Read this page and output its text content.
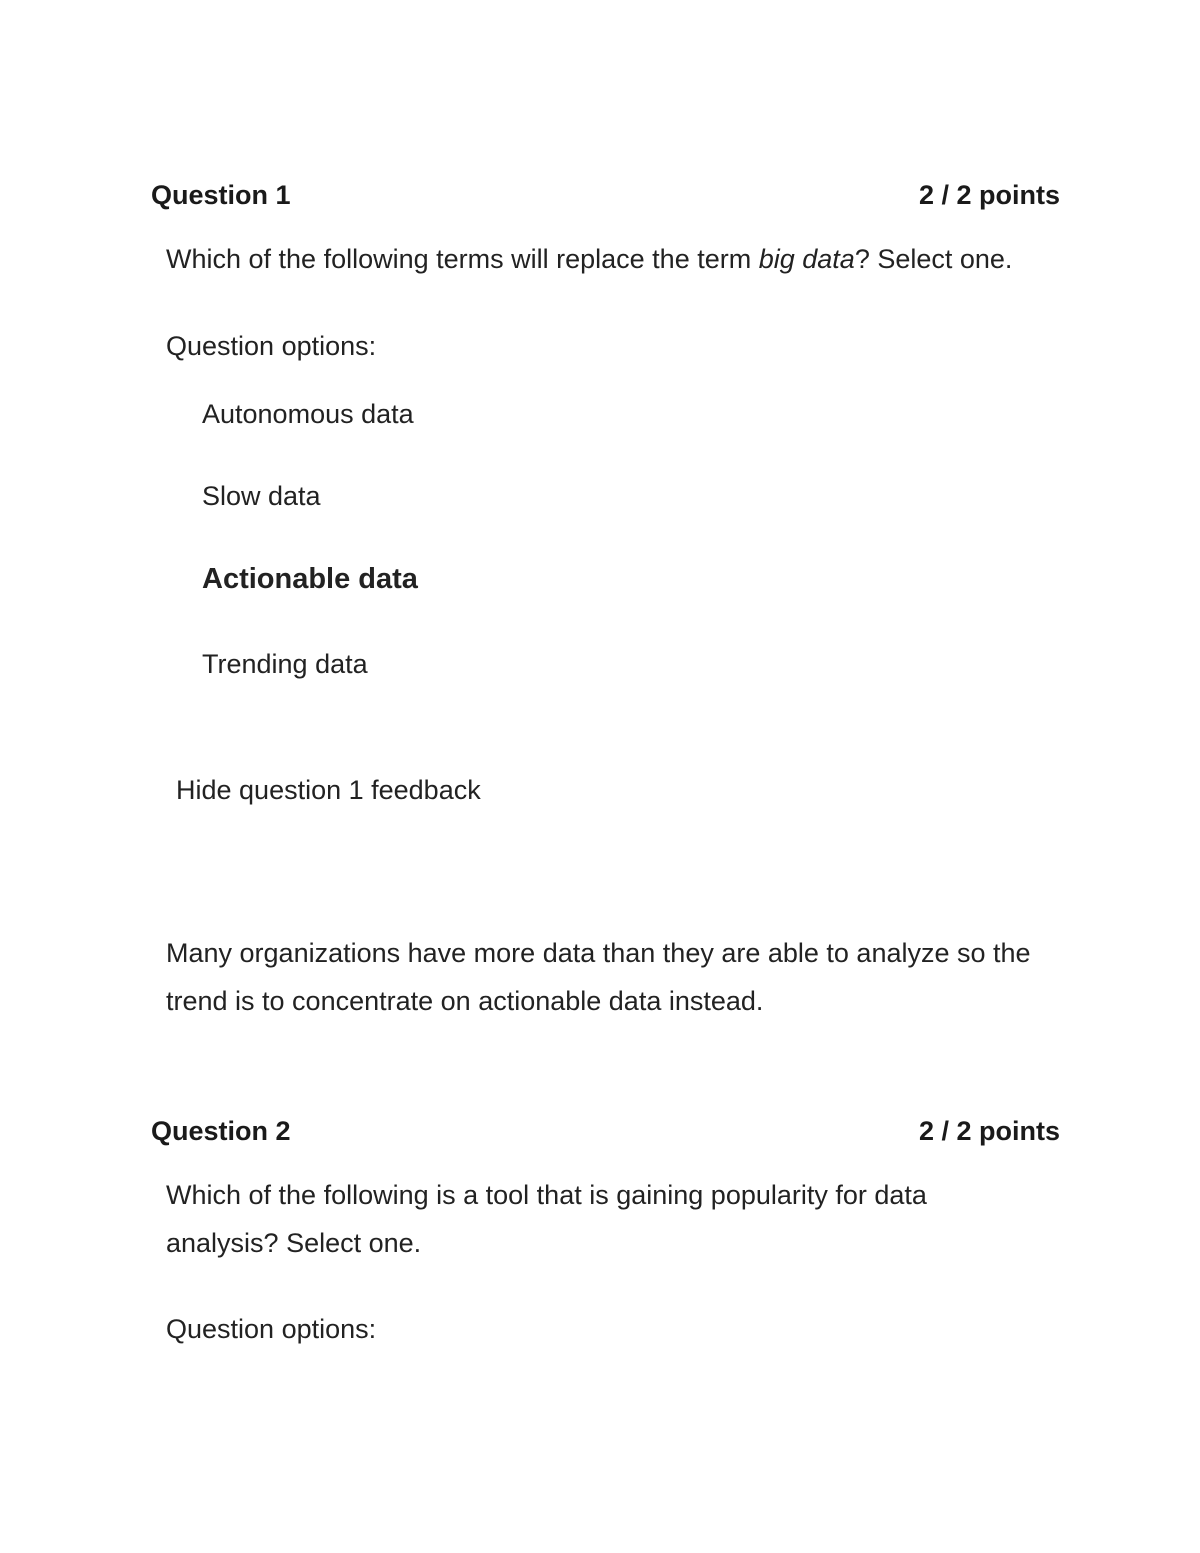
Question 1	2 / 2 points
Which of the following terms will replace the term big data? Select one.
Question options:
Autonomous data
Slow data
Actionable data
Trending data
Hide question 1 feedback
Many organizations have more data than they are able to analyze so the trend is to concentrate on actionable data instead.
Question 2	2 / 2 points
Which of the following is a tool that is gaining popularity for data analysis? Select one.
Question options:
